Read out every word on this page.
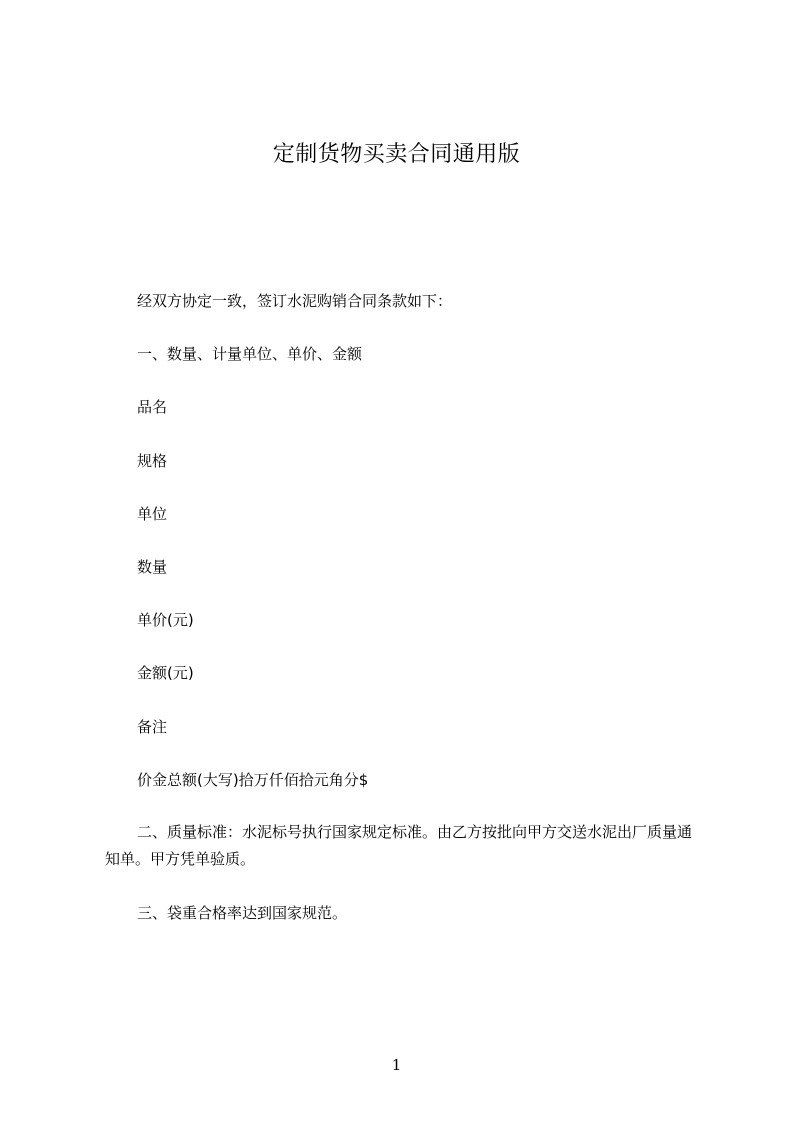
定制货物买卖合同通用版
经双方协定一致，签订水泥购销合同条款如下：
一、数量、计量单位、单价、金额
品名
规格
单位
数量
单价(元)
金额(元)
备注
价金总额(大写)拾万仟佰拾元角分$
二、质量标准：水泥标号执行国家规定标准。由乙方按批向甲方交送水泥出厂质量通知单。甲方凭单验质。
三、袋重合格率达到国家规范。
1
